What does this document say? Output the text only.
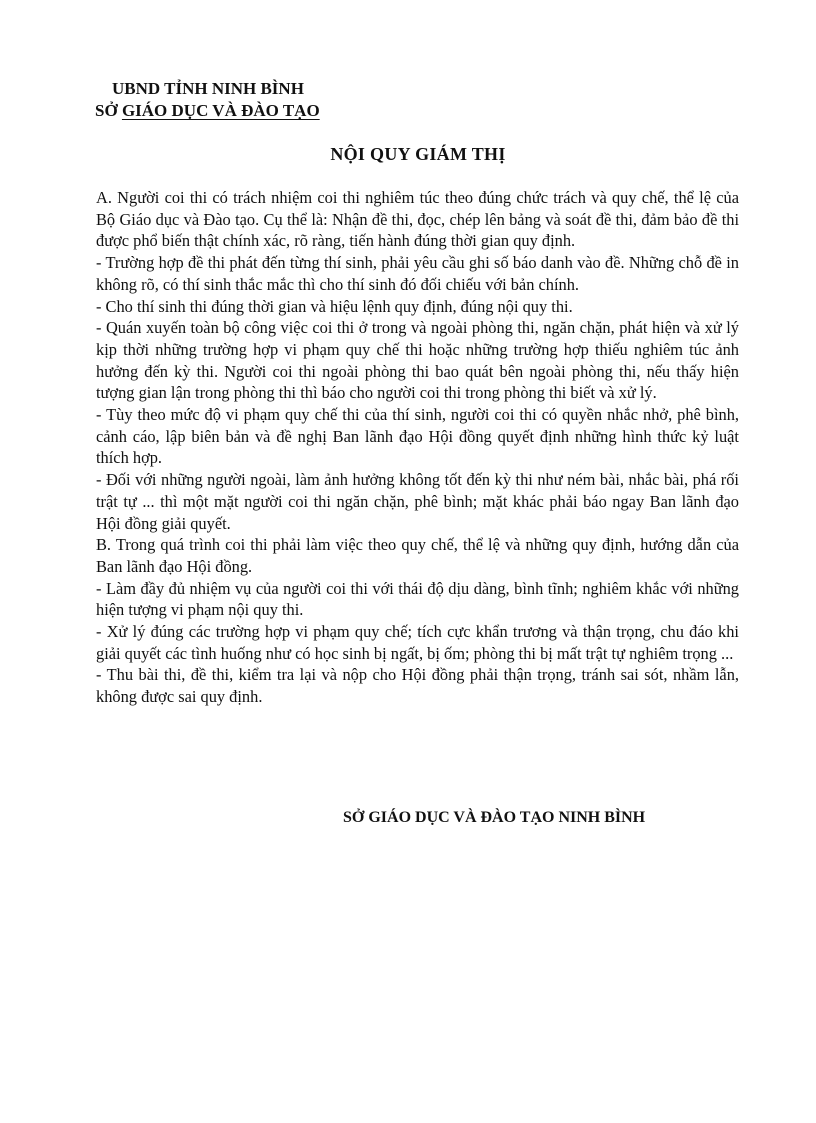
UBND TỈNH NINH BÌNH
SỞ GIÁO DỤC VÀ ĐÀO TẠO
NỘI QUY GIÁM THỊ

A. Người coi thi có trách nhiệm coi thi nghiêm túc theo đúng chức trách và quy chế, thể lệ của Bộ Giáo dục và Đào tạo. Cụ thể là: Nhận đề thi, đọc, chép lên bảng và soát đề thi, đảm bảo đề thi được phổ biến thật chính xác, rõ ràng, tiến hành đúng thời gian quy định.

- Trường hợp đề thi phát đến từng thí sinh, phải yêu cầu ghi số báo danh vào đề. Những chỗ đề in không rõ, có thí sinh thắc mắc thì cho thí sinh đó đối chiếu với bản chính.

- Cho thí sinh thi đúng thời gian và hiệu lệnh quy định, đúng nội quy thi.

- Quán xuyến toàn bộ công việc coi thi ở trong và ngoài phòng thi, ngăn chặn, phát hiện và xử lý kịp thời những trường hợp vi phạm quy chế thi hoặc những trường hợp thiếu nghiêm túc ảnh hưởng đến kỳ thi. Người coi thi ngoài phòng thi bao quát bên ngoài phòng thi, nếu thấy hiện tượng gian lận trong phòng thi thì báo cho người coi thi trong phòng thi biết và xử lý.

- Tùy theo mức độ vi phạm quy chế thi của thí sinh, người coi thi có quyền nhắc nhở, phê bình, cảnh cáo, lập biên bản và đề nghị Ban lãnh đạo Hội đồng quyết định những hình thức kỷ luật thích hợp.

- Đối với những người ngoài, làm ảnh hưởng không tốt đến kỳ thi như ném bài, nhắc bài, phá rối trật tự ... thì một mặt người coi thi ngăn chặn, phê bình; mặt khác phải báo ngay Ban lãnh đạo Hội đồng giải quyết.

B. Trong quá trình coi thi phải làm việc theo quy chế, thể lệ và những quy định, hướng dẫn của Ban lãnh đạo Hội đồng.

- Làm đầy đủ nhiệm vụ của người coi thi với thái độ dịu dàng, bình tĩnh; nghiêm khắc với những hiện tượng vi phạm nội quy thi.

- Xử lý đúng các trường hợp vi phạm quy chế; tích cực khẩn trương và thận trọng, chu đáo khi giải quyết các tình huống như có học sinh bị ngất, bị ốm; phòng thi bị mất trật tự nghiêm trọng ...

- Thu bài thi, đề thi, kiểm tra lại và nộp cho Hội đồng phải thận trọng, tránh sai sót, nhầm lẫn, không được sai quy định.

SỞ GIÁO DỤC VÀ ĐÀO TẠO NINH BÌNH
